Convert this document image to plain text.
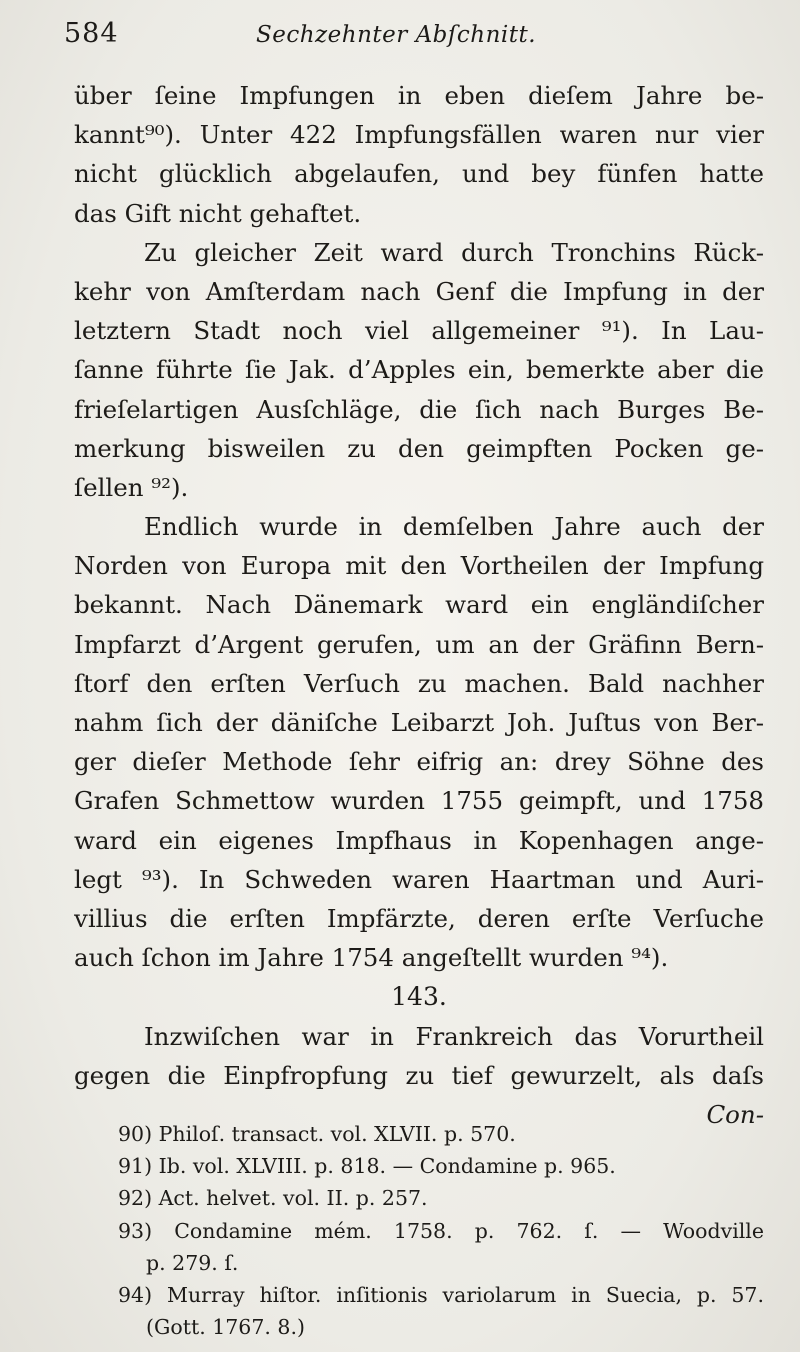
584	Sechzehnter Abſchnitt.
über ſeine Impfungen in eben dieſem Jahre be-
kannt⁹⁰). Unter 422 Impfungsfällen waren nur vier
nicht glücklich abgelaufen, und bey fünfen hatte
das Gift nicht gehaftet.
Zu gleicher Zeit ward durch Tronchins Rück-
kehr von Amſterdam nach Genf die Impfung in der
letztern Stadt noch viel allgemeiner ⁹¹). In Lau-
ſanne führte ſie Jak. d’Apples ein, bemerkte aber die
frieſelartigen Ausſchläge, die ſich nach Burges Be-
merkung bisweilen zu den geimpften Pocken ge-
ſellen ⁹²).
Endlich wurde in demſelben Jahre auch der
Norden von Europa mit den Vortheilen der Impfung
bekannt. Nach Dänemark ward ein engländiſcher
Impfarzt d’Argent gerufen, um an der Gräfinn Bern-
ſtorf den erſten Verſuch zu machen. Bald nachher
nahm ſich der däniſche Leibarzt Joh. Juſtus von Ber-
ger dieſer Methode ſehr eifrig an: drey Söhne des
Grafen Schmettow wurden 1755 geimpft, und 1758
ward ein eigenes Impfhaus in Kopenhagen ange-
legt ⁹³). In Schweden waren Haartman und Auri-
villius die erſten Impfärzte, deren erſte Verſuche
auch ſchon im Jahre 1754 angeſtellt wurden ⁹⁴).
143.
Inzwiſchen war in Frankreich das Vorurtheil
gegen die Einpfropfung zu tief gewurzelt, als daſs
Con-
90) Philoſ. transact. vol. XLVII. p. 570.
91) Ib. vol. XLVIII. p. 818. — Condamine p. 965.
92) Act. helvet. vol. II. p. 257.
93) Condamine mém. 1758. p. 762. ſ. — Woodville
p. 279. ſ.
94) Murray hiſtor. inſitionis variolarum in Suecia, p. 57.
(Gott. 1767. 8.)
